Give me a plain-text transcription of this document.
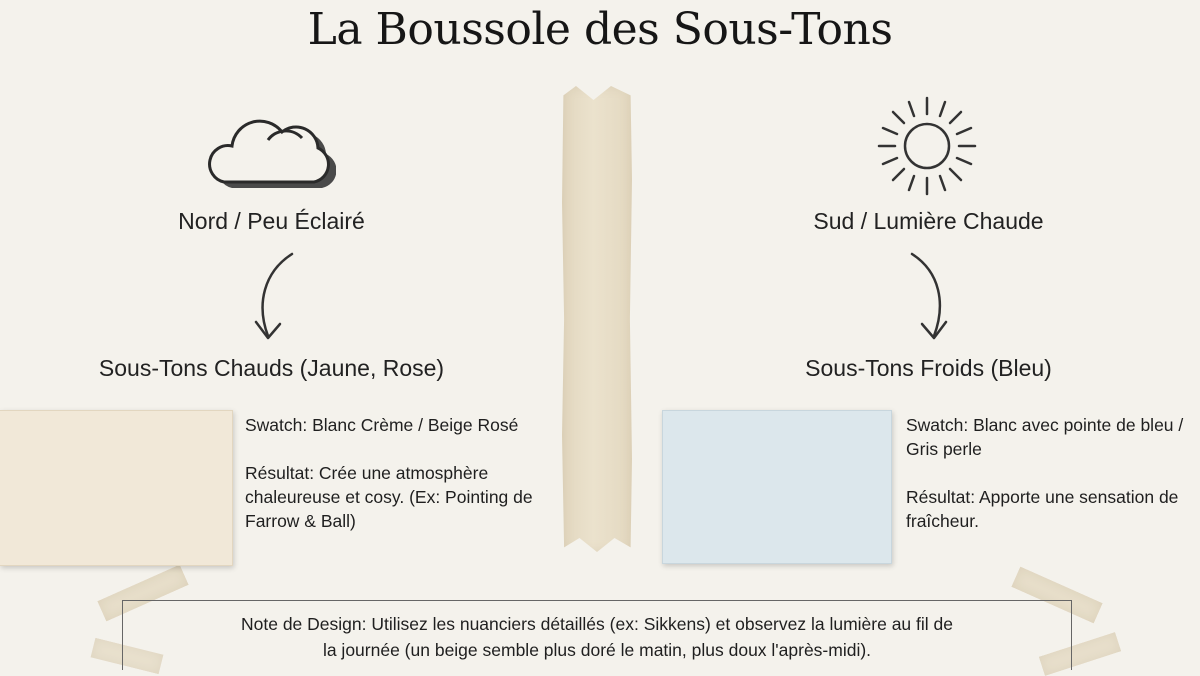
La Boussole des Sous-Tons
Nord / Peu Éclairé
Sous-Tons Chauds (Jaune, Rose)

Swatch: Blanc Crème / Beige Rosé

Résultat: Crée une atmosphère chaleureuse et cosy. (Ex: Pointing de Farrow & Ball)

Sud / Lumière Chaude
Sous-Tons Froids (Bleu)

Swatch: Blanc avec pointe de bleu / Gris perle

Résultat: Apporte une sensation de fraîcheur.

Note de Design: Utilisez les nuanciers détaillés (ex: Sikkens) et observez la lumière au fil de
la journée (un beige semble plus doré le matin, plus doux l'après-midi).
